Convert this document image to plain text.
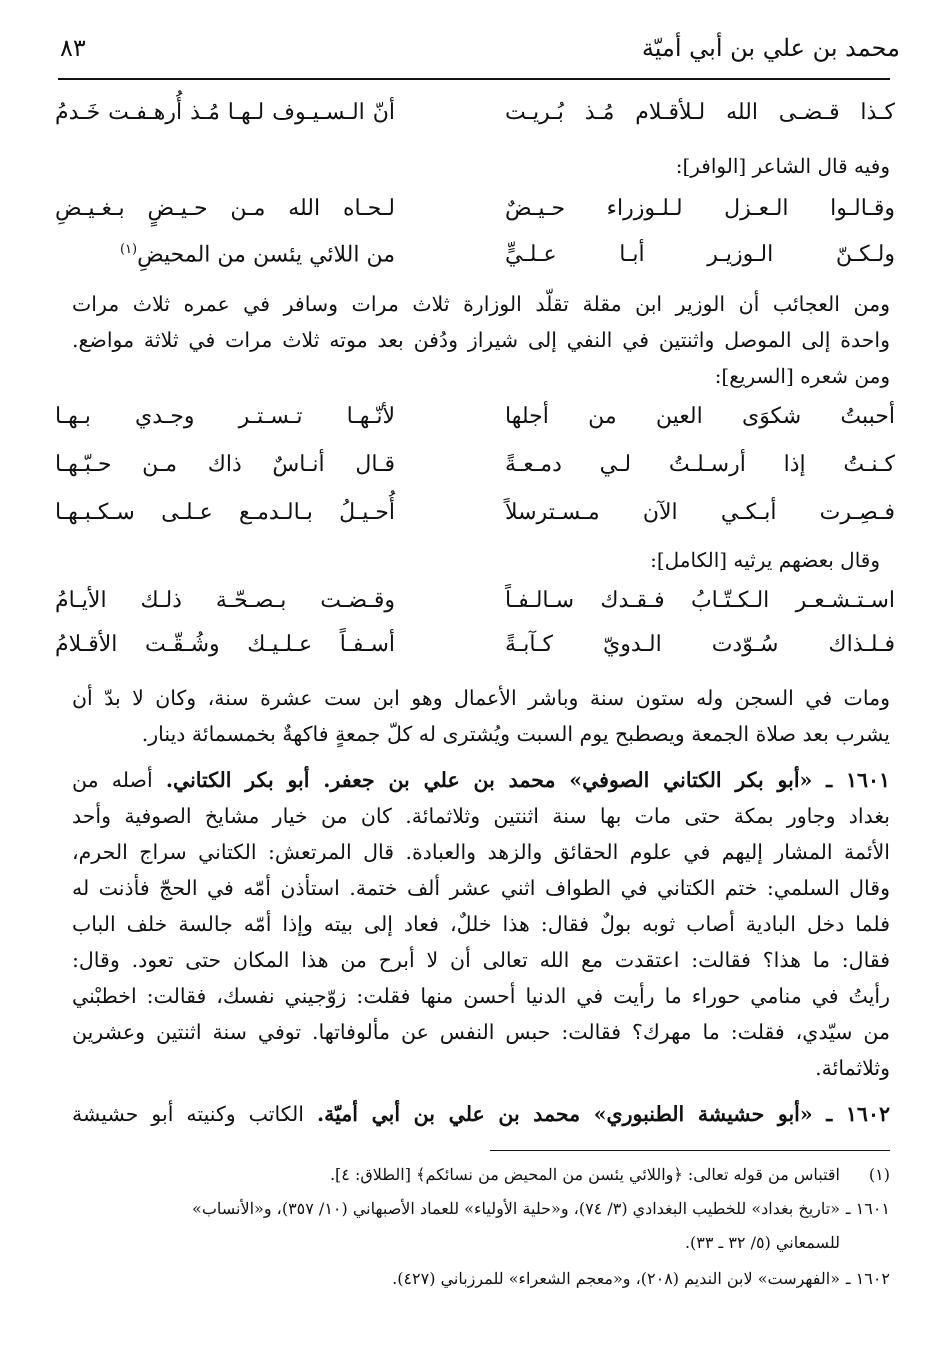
محمد بن علي بن أبي أميّة
٨٣
كـذا قـضـى الله لـلأقـلام مُـذ بُـريـت
أنّ الـسـيـوف لـهـا مُـذ أُرهـفـت خَـدمُ
وفيه قال الشاعر [الوافر]:
وقـالـوا الـعـزل لـلـوزراء حـيـضٌ
لـحـاه الله مـن حـيـضٍ بـغـيـضِ
ولـكـنّ الـوزيـر أبـا عـلـيٍّ
من اللائي يئسن من المحيضِ$^{(١)}$
ومن العجائب أن الوزير ابن مقلة تقلّد الوزارة ثلاث مرات وسافر في عمره ثلاث مرات
واحدة إلى الموصل واثنتين في النفي إلى شيراز ودُفن بعد موته ثلاث مرات في ثلاثة مواضع.
ومن شعره [السريع]:
أحببتُ شكوَى العين من أجلها
لأنّـهـا تـسـتـر وجـدي بـهـا
كـنـتُ إذا أرسـلـتُ لـي دمـعـةً
قـال أنـاسٌ ذاك مـن حـبّـهـا
فـصِـرت أبـكـي الآن مـسـترسلاً
أُحـيـلُ بـالـدمـع عـلـى سـكـبـهـا
وقال بعضهم يرثيه [الكامل]:
اسـتـشـعـر الـكـتّـابُ فـقـدك سـالـفـاً
وقـضـت بـصـحّـة ذلـك الأيـامُ
فـلـذاك سُـوّدت الـدويّ كـآبـةً
أسـفـاً عـلـيـك وشُـقّـت الأقـلامُ
ومات في السجن وله ستون سنة وباشر الأعمال وهو ابن ست عشرة سنة، وكان لا بدّ أن
يشرب بعد صلاة الجمعة ويصطبح يوم السبت ويُشترى له كلّ جمعةٍ فاكهةٌ بخمسمائة دينار.
١٦٠١ ـ «أبو بكر الكتاني الصوفي» محمد بن علي بن جعفر. أبو بكر الكتاني. أصله من
بغداد وجاور بمكة حتى مات بها سنة اثنتين وثلاثمائة. كان من خيار مشايخ الصوفية وأحد
الأئمة المشار إليهم في علوم الحقائق والزهد والعبادة. قال المرتعش: الكتاني سراج الحرم،
وقال السلمي: ختم الكتاني في الطواف اثني عشر ألف ختمة. استأذن أمّه في الحجّ فأذنت له
فلما دخل البادية أصاب ثوبه بولٌ فقال: هذا خللٌ، فعاد إلى بيته وإذا أمّه جالسة خلف الباب
فقال: ما هذا؟ فقالت: اعتقدت مع الله تعالى أن لا أبرح من هذا المكان حتى تعود. وقال:
رأيتُ في منامي حوراء ما رأيت في الدنيا أحسن منها فقلت: زوّجيني نفسك، فقالت: اخطبْني
من سيّدي، فقلت: ما مهرك؟ فقالت: حبس النفس عن مألوفاتها. توفي سنة اثنتين وعشرين
وثلاثمائة.
١٦٠٢ ـ «أبو حشيشة الطنبوري» محمد بن علي بن أبي أميّة. الكاتب وكنيته أبو حشيشة
(١)اقتباس من قوله تعالى: ﴿واللائي يئسن من المحيض من نسائكم﴾ [الطلاق: ٤].
١٦٠١ ـ«تاريخ بغداد» للخطيب البغدادي (٣/ ٧٤)، و«حلية الأولياء» للعماد الأصبهاني (١٠/ ٣٥٧)، و«الأنساب»
للسمعاني (٥/ ٣٢ ـ ٣٣).
١٦٠٢ ـ«الفهرست» لابن النديم (٢٠٨)، و«معجم الشعراء» للمرزباني (٤٢٧).
